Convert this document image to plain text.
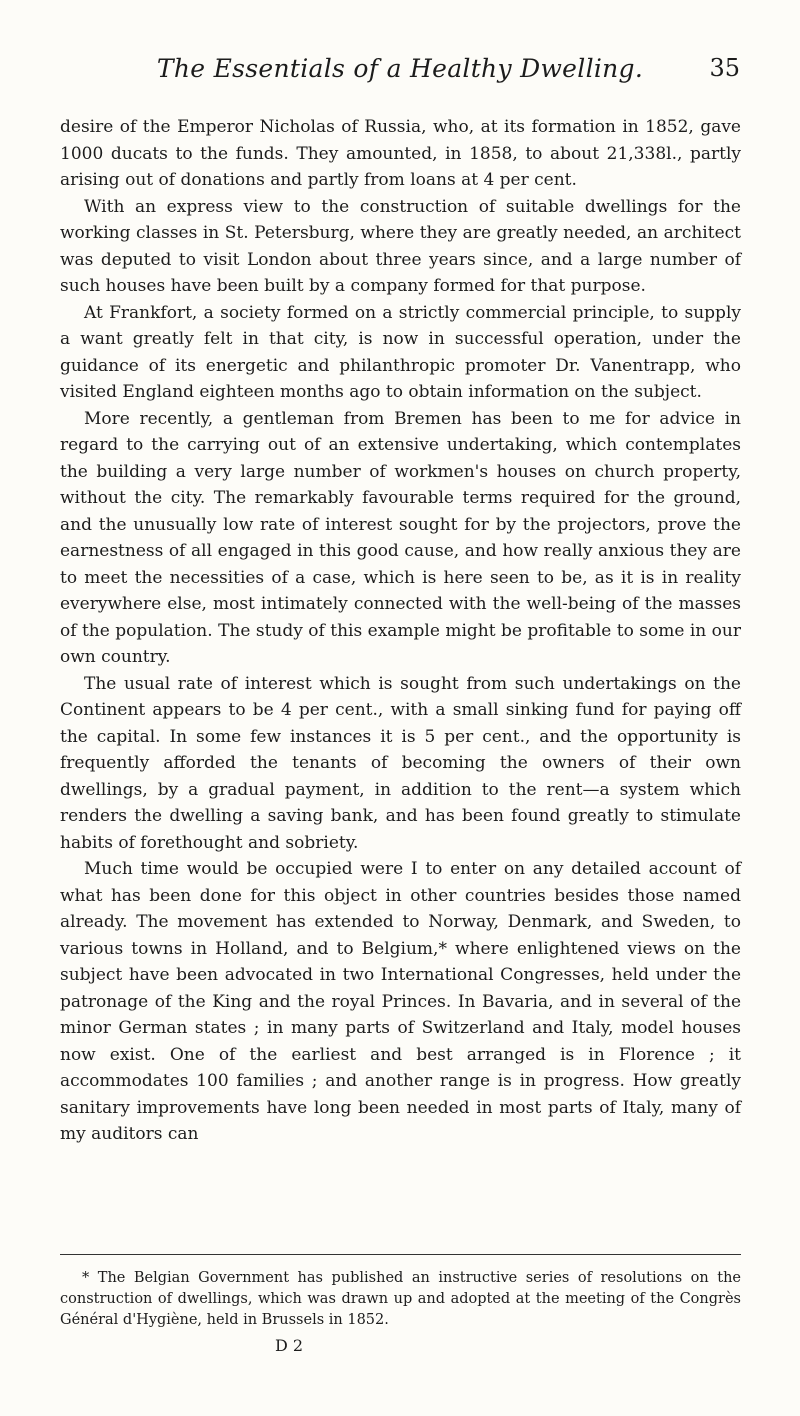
The Essentials of a Healthy Dwelling.	35

desire of the Emperor Nicholas of Russia, who, at its formation in 1852, gave 1000 ducats to the funds. They amounted, in 1858, to about 21,338l., partly arising out of donations and partly from loans at 4 per cent.

With an express view to the construction of suitable dwellings for the working classes in St. Petersburg, where they are greatly needed, an architect was deputed to visit London about three years since, and a large number of such houses have been built by a company formed for that purpose.

At Frankfort, a society formed on a strictly commercial principle, to supply a want greatly felt in that city, is now in successful operation, under the guidance of its energetic and philanthropic promoter Dr. Vanentrapp, who visited England eighteen months ago to obtain information on the subject.

More recently, a gentleman from Bremen has been to me for advice in regard to the carrying out of an extensive undertaking, which contemplates the building a very large number of workmen's houses on church property, without the city. The remarkably favourable terms required for the ground, and the unusually low rate of interest sought for by the projectors, prove the earnestness of all engaged in this good cause, and how really anxious they are to meet the necessities of a case, which is here seen to be, as it is in reality everywhere else, most intimately connected with the well-being of the masses of the population. The study of this example might be profitable to some in our own country.

The usual rate of interest which is sought from such undertakings on the Continent appears to be 4 per cent., with a small sinking fund for paying off the capital. In some few instances it is 5 per cent., and the opportunity is frequently afforded the tenants of becoming the owners of their own dwellings, by a gradual payment, in addition to the rent—a system which renders the dwelling a saving bank, and has been found greatly to stimulate habits of forethought and sobriety.

Much time would be occupied were I to enter on any detailed account of what has been done for this object in other countries besides those named already. The movement has extended to Norway, Denmark, and Sweden, to various towns in Holland, and to Belgium,* where enlightened views on the subject have been advocated in two International Congresses, held under the patronage of the King and the royal Princes. In Bavaria, and in several of the minor German states ; in many parts of Switzerland and Italy, model houses now exist. One of the earliest and best arranged is in Florence ; it accommodates 100 families ; and another range is in progress. How greatly sanitary improvements have long been needed in most parts of Italy, many of my auditors can

* The Belgian Government has published an instructive series of resolutions on the construction of dwellings, which was drawn up and adopted at the meeting of the Congrès Général d'Hygiène, held in Brussels in 1852.
D 2
